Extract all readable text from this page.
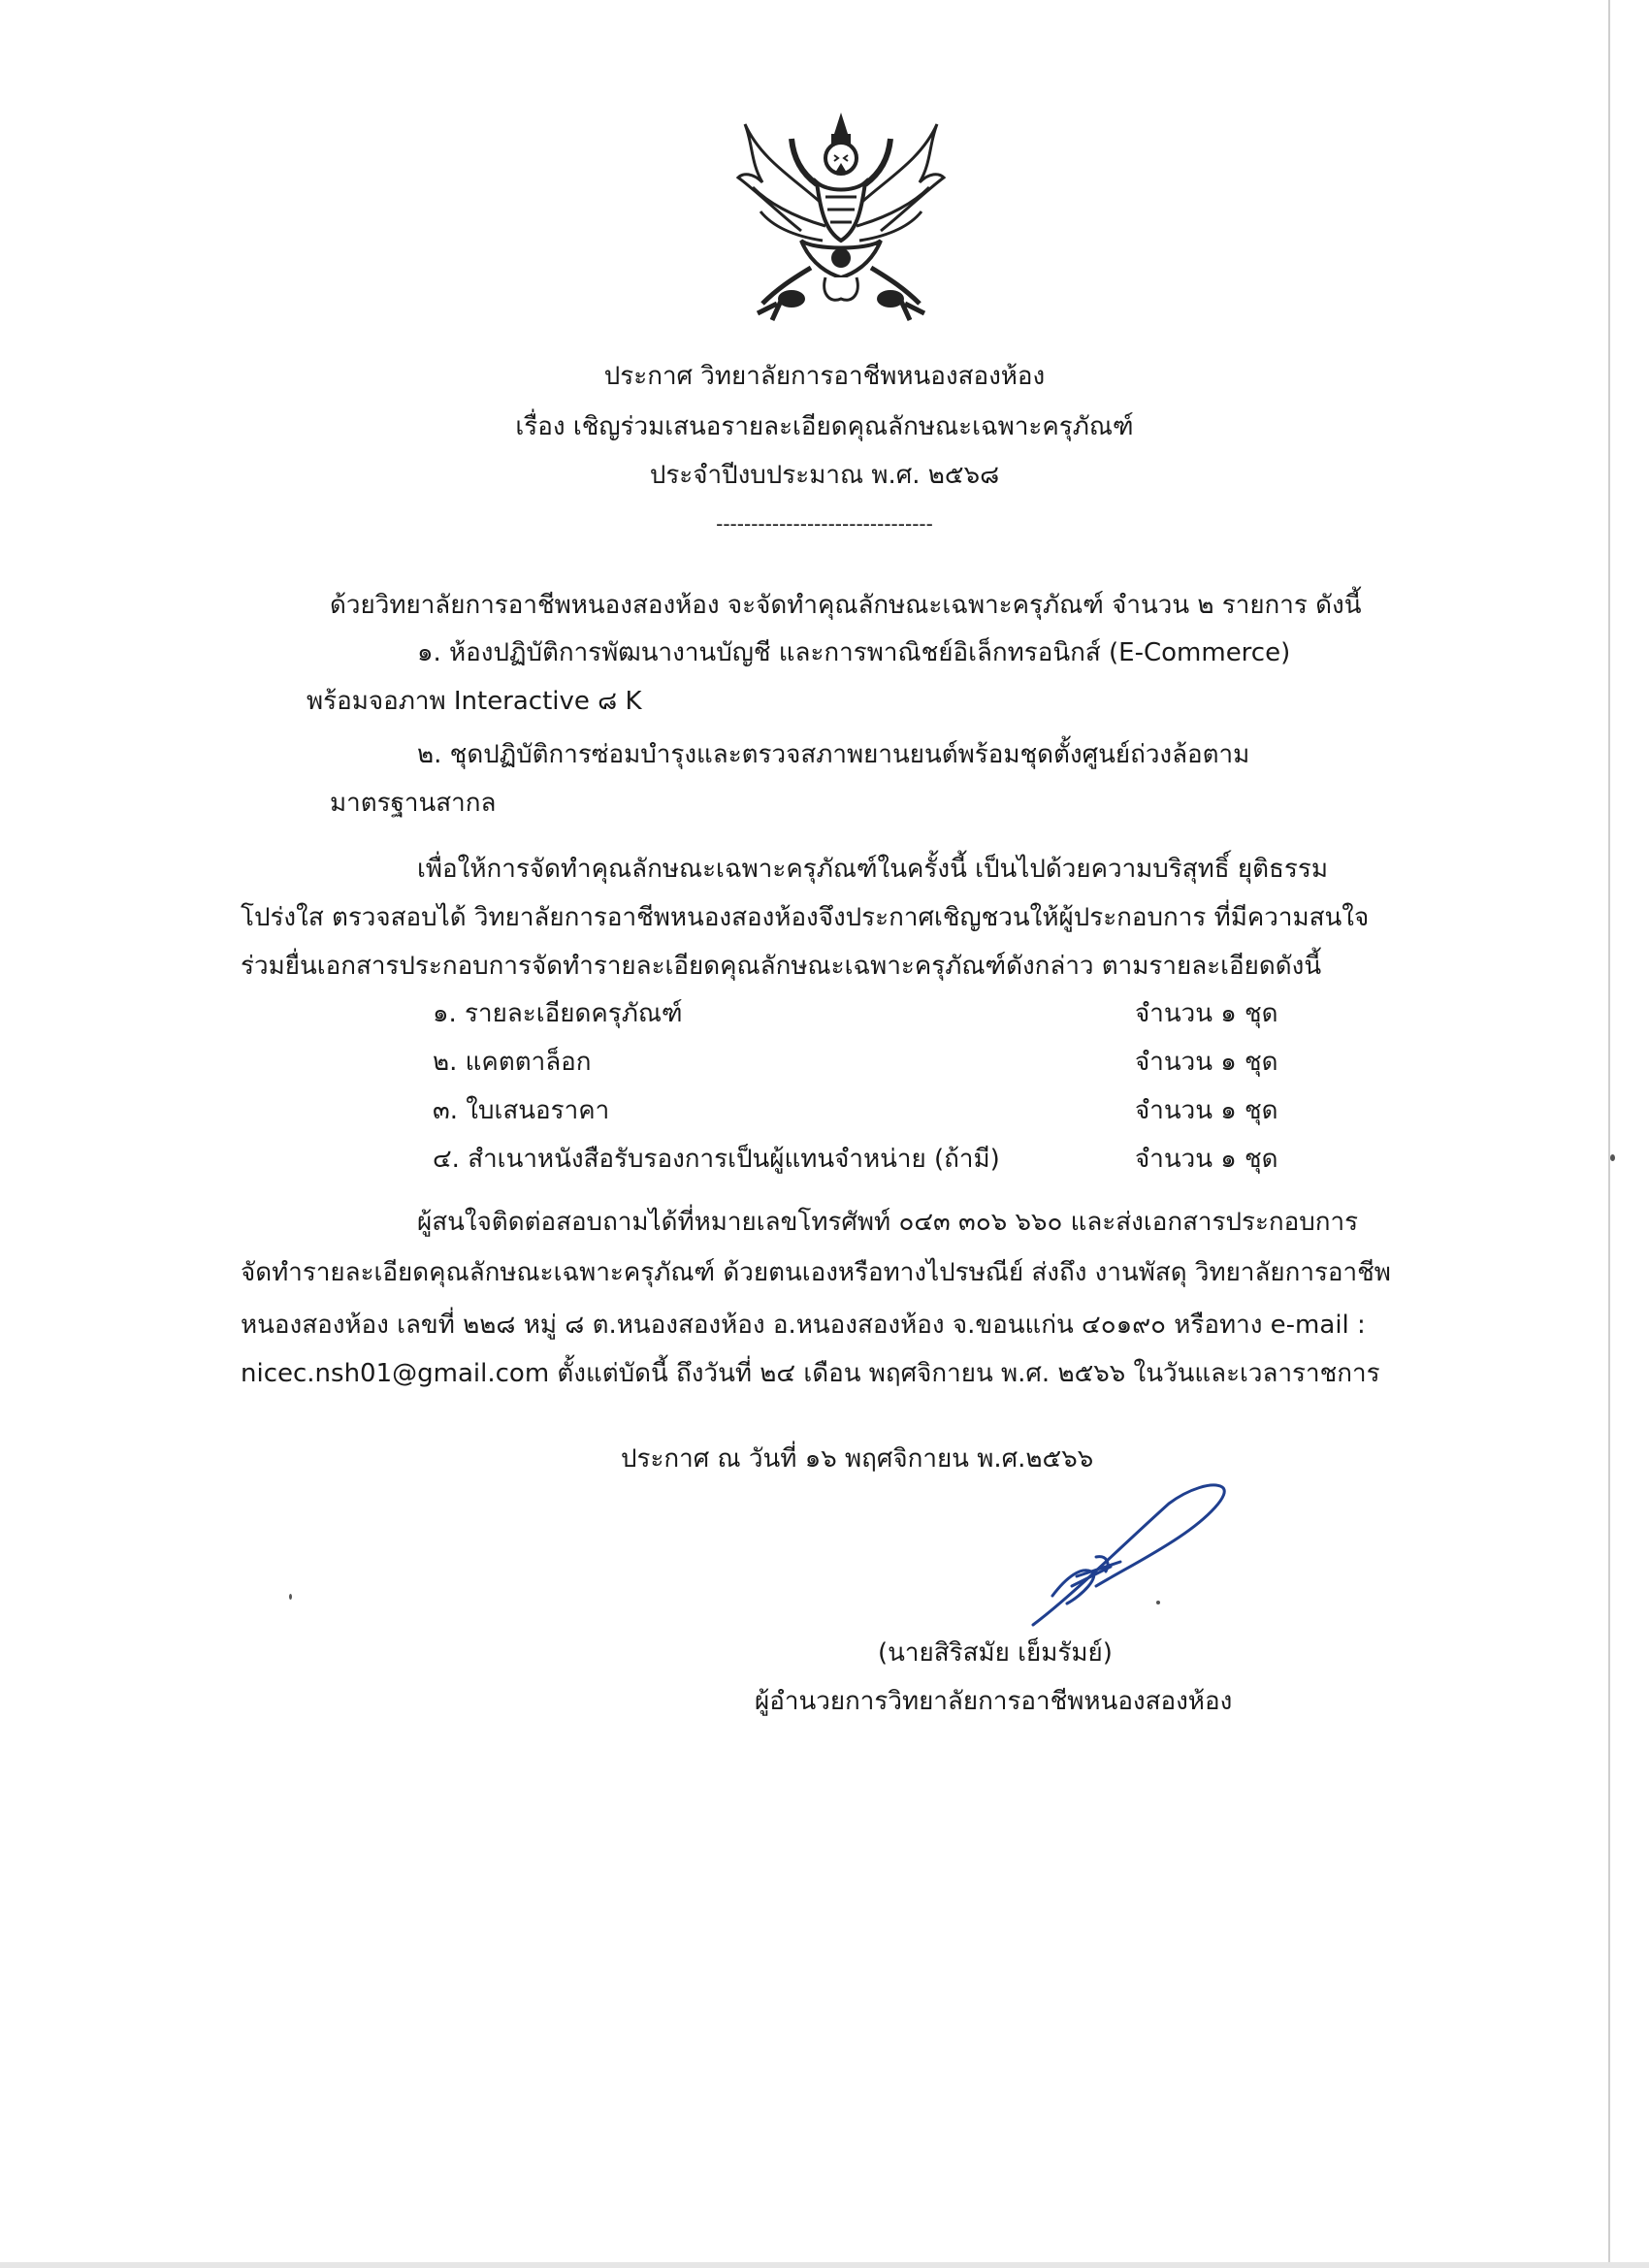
ประกาศ วิทยาลัยการอาชีพหนองสองห้อง
เรื่อง เชิญร่วมเสนอรายละเอียดคุณลักษณะเฉพาะครุภัณฑ์
ประจำปีงบประมาณ พ.ศ. ๒๕๖๘
-------------------------------
ด้วยวิทยาลัยการอาชีพหนองสองห้อง จะจัดทำคุณลักษณะเฉพาะครุภัณฑ์ จำนวน ๒ รายการ ดังนี้
๑. ห้องปฏิบัติการพัฒนางานบัญชี และการพาณิชย์อิเล็กทรอนิกส์ (E-Commerce)
พร้อมจอภาพ Interactive ๘ K
๒. ชุดปฏิบัติการซ่อมบำรุงและตรวจสภาพยานยนต์พร้อมชุดตั้งศูนย์ถ่วงล้อตาม
มาตรฐานสากล
เพื่อให้การจัดทำคุณลักษณะเฉพาะครุภัณฑ์ในครั้งนี้ เป็นไปด้วยความบริสุทธิ์ ยุติธรรม
โปร่งใส ตรวจสอบได้ วิทยาลัยการอาชีพหนองสองห้องจึงประกาศเชิญชวนให้ผู้ประกอบการ ที่มีความสนใจ
ร่วมยื่นเอกสารประกอบการจัดทำรายละเอียดคุณลักษณะเฉพาะครุภัณฑ์ดังกล่าว ตามรายละเอียดดังนี้
๑. รายละเอียดครุภัณฑ์	จำนวน ๑ ชุด
๒. แคตตาล็อก	จำนวน ๑ ชุด
๓. ใบเสนอราคา	จำนวน ๑ ชุด
๔. สำเนาหนังสือรับรองการเป็นผู้แทนจำหน่าย (ถ้ามี)	จำนวน ๑ ชุด
ผู้สนใจติดต่อสอบถามได้ที่หมายเลขโทรศัพท์ ๐๔๓ ๓๐๖ ๖๖๐ และส่งเอกสารประกอบการ
จัดทำรายละเอียดคุณลักษณะเฉพาะครุภัณฑ์ ด้วยตนเองหรือทางไปรษณีย์ ส่งถึง งานพัสดุ วิทยาลัยการอาชีพ
หนองสองห้อง เลขที่ ๒๒๘ หมู่ ๘ ต.หนองสองห้อง อ.หนองสองห้อง จ.ขอนแก่น ๔๐๑๙๐ หรือทาง e-mail :
nicec.nsh01@gmail.com ตั้งแต่บัดนี้ ถึงวันที่ ๒๔ เดือน พฤศจิกายน พ.ศ. ๒๕๖๖ ในวันและเวลาราชการ
ประกาศ ณ วันที่ ๑๖ พฤศจิกายน พ.ศ.๒๕๖๖
(นายสิริสมัย เย็มรัมย์)
ผู้อำนวยการวิทยาลัยการอาชีพหนองสองห้อง
